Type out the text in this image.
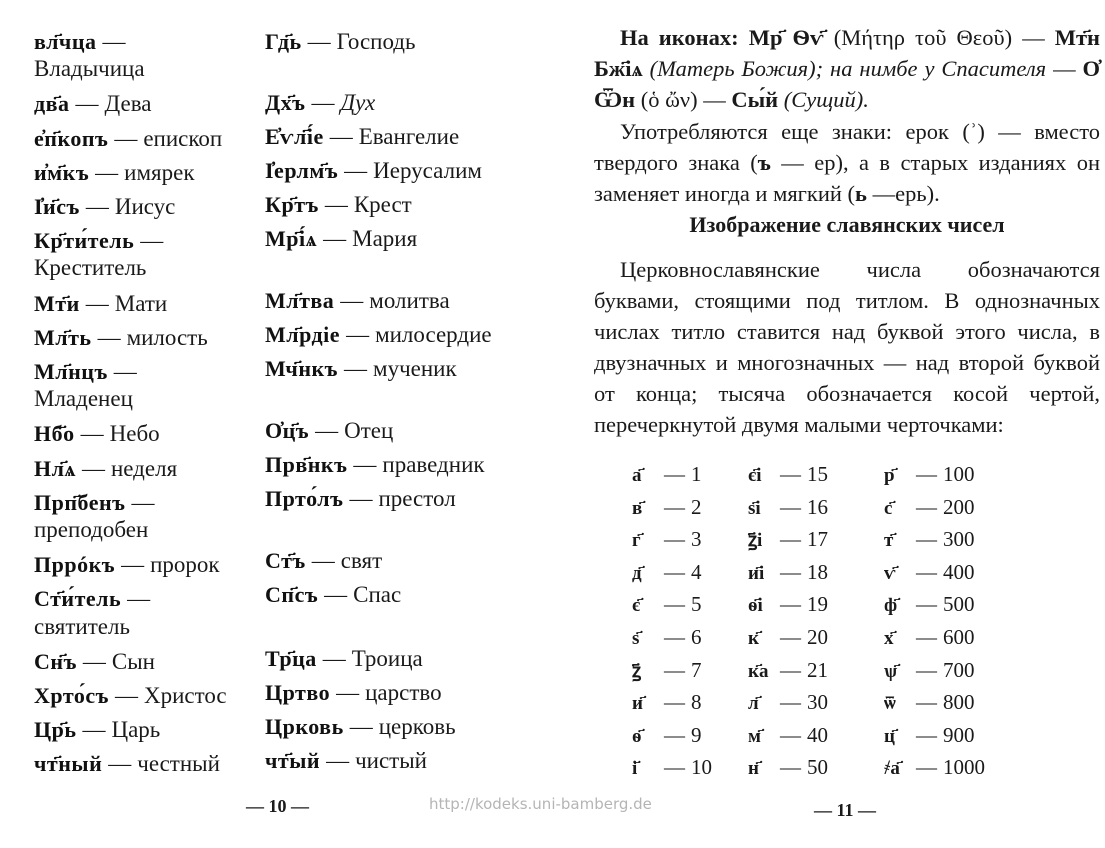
вл҃чца —
Владычица
дв҃а — Дева
е҆п҃копъ — епископ
и҆м҃къ — имярек
І҆и҃съ — Иисус
Кр҃ти́тель —
Креститель
Мт҃и — Мати
Мл҃ть — милость
Мл҃нцъ —
Младенец
Нб҃о — Небо
Нл҃ѧ — неделя
Прп҃бенъ —
преподобен
Пррóкъ — пророк
Ст҃и́тель —
святитель
Сн҃ъ — Сын
Хрто́съ — Христос
Цр҃ь — Царь
чт҃ный — честный
Гд҃ь — Господь
Дх҃ъ — Дух
Е҆ѵл҃і́е — Евангелие
І҆ерлм҃ъ — Иерусалим
Кр҃тъ — Крест
Мр҃і́ѧ — Мария
Мл҃тва — молитва
Мл҃рдіе — милосердие
Мч҃нкъ — мученик
О҆ц҃ъ — Отец
Прв҃нкъ — праведник
Прто́лъ — престол
Ст҃ъ — свят
Сп҃съ — Спас
Тр҃ца — Троица
Цртво — царство
Црковь — церковь
чт҃ый — чистый
— 10 —	http://kodeks.uni-bamberg.de
На иконах: Мр҃ Ѳѵ҃ (Μήτηρ τοῦ Θεοῦ) — Мт҃н Бж҃іѧ (Матерь Божия); на нимбе у Спасителя — О҆ Ѿн (ὁ ὤν) — Сы́й (Сущий).
Употребляются еще знаки: ерок (ʾ) — вместо твердого знака (ъ — ер), а в старых изданиях он заменяет иногда и мягкий (ь —ерь).
Изображение славянских чисел
Церковнославянские числа обозначаются буквами, стоящими под титлом. В однозначных числах титло ставится над буквой этого числа, в двузначных и многозначных — над второй буквой от конца; тысяча обозначается косой чертой, перечеркнутой двумя малыми черточками:
а҃ — 1
в҃ — 2
г҃ — 3
д҃ — 4
є҃ — 5
ѕ҃ — 6
ꙁ҃ — 7
и҃ — 8
ѳ҃ — 9
і҃ — 10
є҃і — 15
ѕ҃і — 16
ꙁ҃і — 17
и҃і — 18
ѳ҃і — 19
к҃ — 20
к҃а — 21
л҃ — 30
м҃ — 40
н҃ — 50
р҃ — 100
с҃ — 200
т҃ — 300
ѵ҃ — 400
ф҃ — 500
х҃ — 600
ѱ҃ — 700
ѿ — 800
ц҃ — 900
҂а҃ — 1000
— 11 —
